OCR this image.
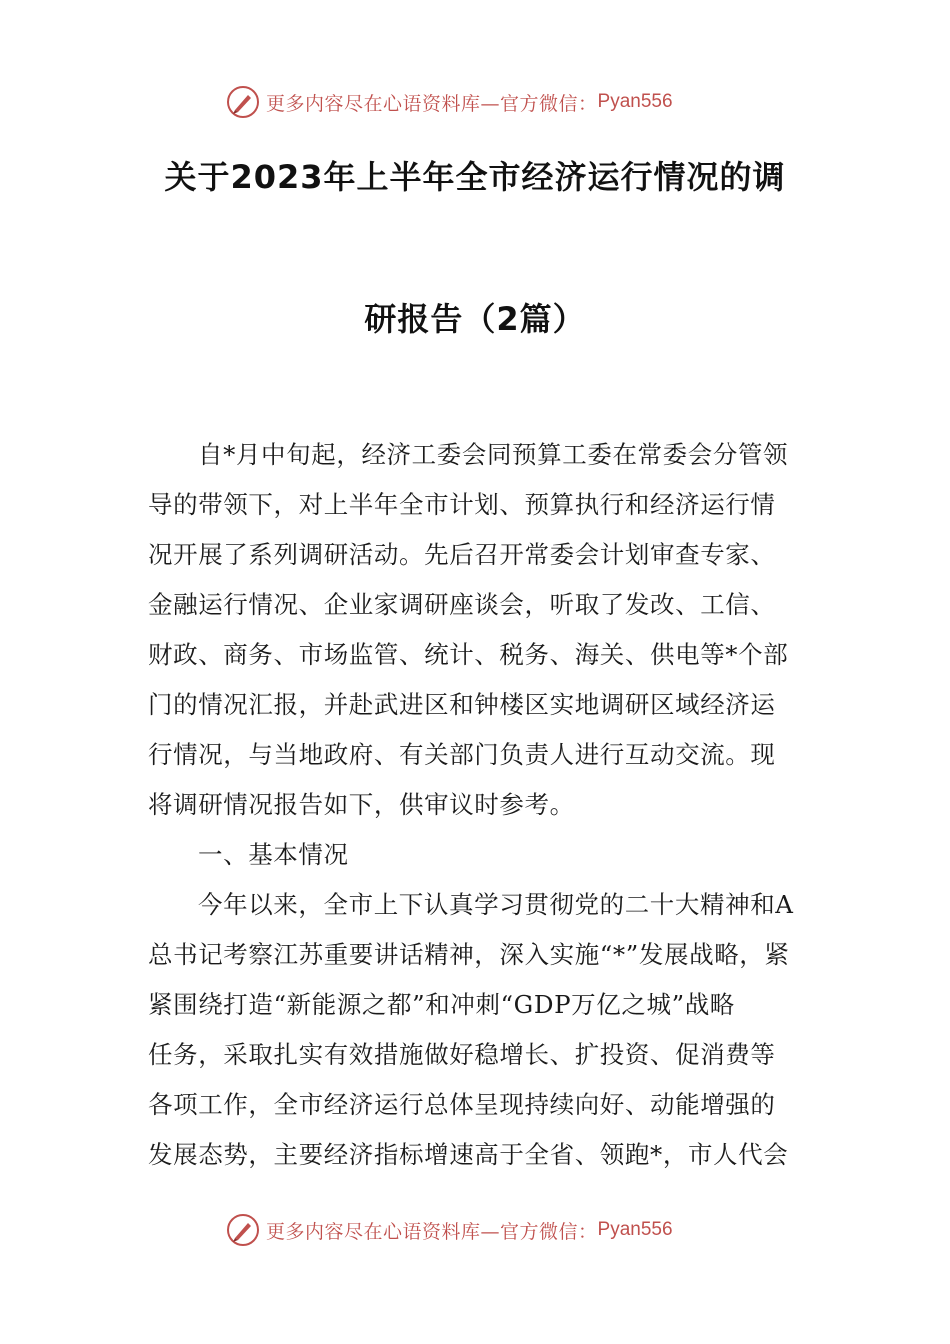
更多内容尽在心语资料库—官方微信： Pyan556
关于2023年上半年全市经济运行情况的调
研报告（2篇）
自*月中旬起，经济工委会同预算工委在常委会分管领
导的带领下，对上半年全市计划、预算执行和经济运行情
况开展了系列调研活动。先后召开常委会计划审查专家、
金融运行情况、企业家调研座谈会，听取了发改、工信、
财政、商务、市场监管、统计、税务、海关、供电等*个部
门的情况汇报，并赴武进区和钟楼区实地调研区域经济运
行情况，与当地政府、有关部门负责人进行互动交流。现
将调研情况报告如下，供审议时参考。
一、基本情况
今年以来，全市上下认真学习贯彻党的二十大精神和A
总书记考察江苏重要讲话精神，深入实施“*”发展战略，紧
紧围绕打造“新能源之都”和冲刺“GDP万亿之城”战略
任务，采取扎实有效措施做好稳增长、扩投资、促消费等
各项工作，全市经济运行总体呈现持续向好、动能增强的
发展态势，主要经济指标增速高于全省、领跑*，市人代会
更多内容尽在心语资料库—官方微信： Pyan556
